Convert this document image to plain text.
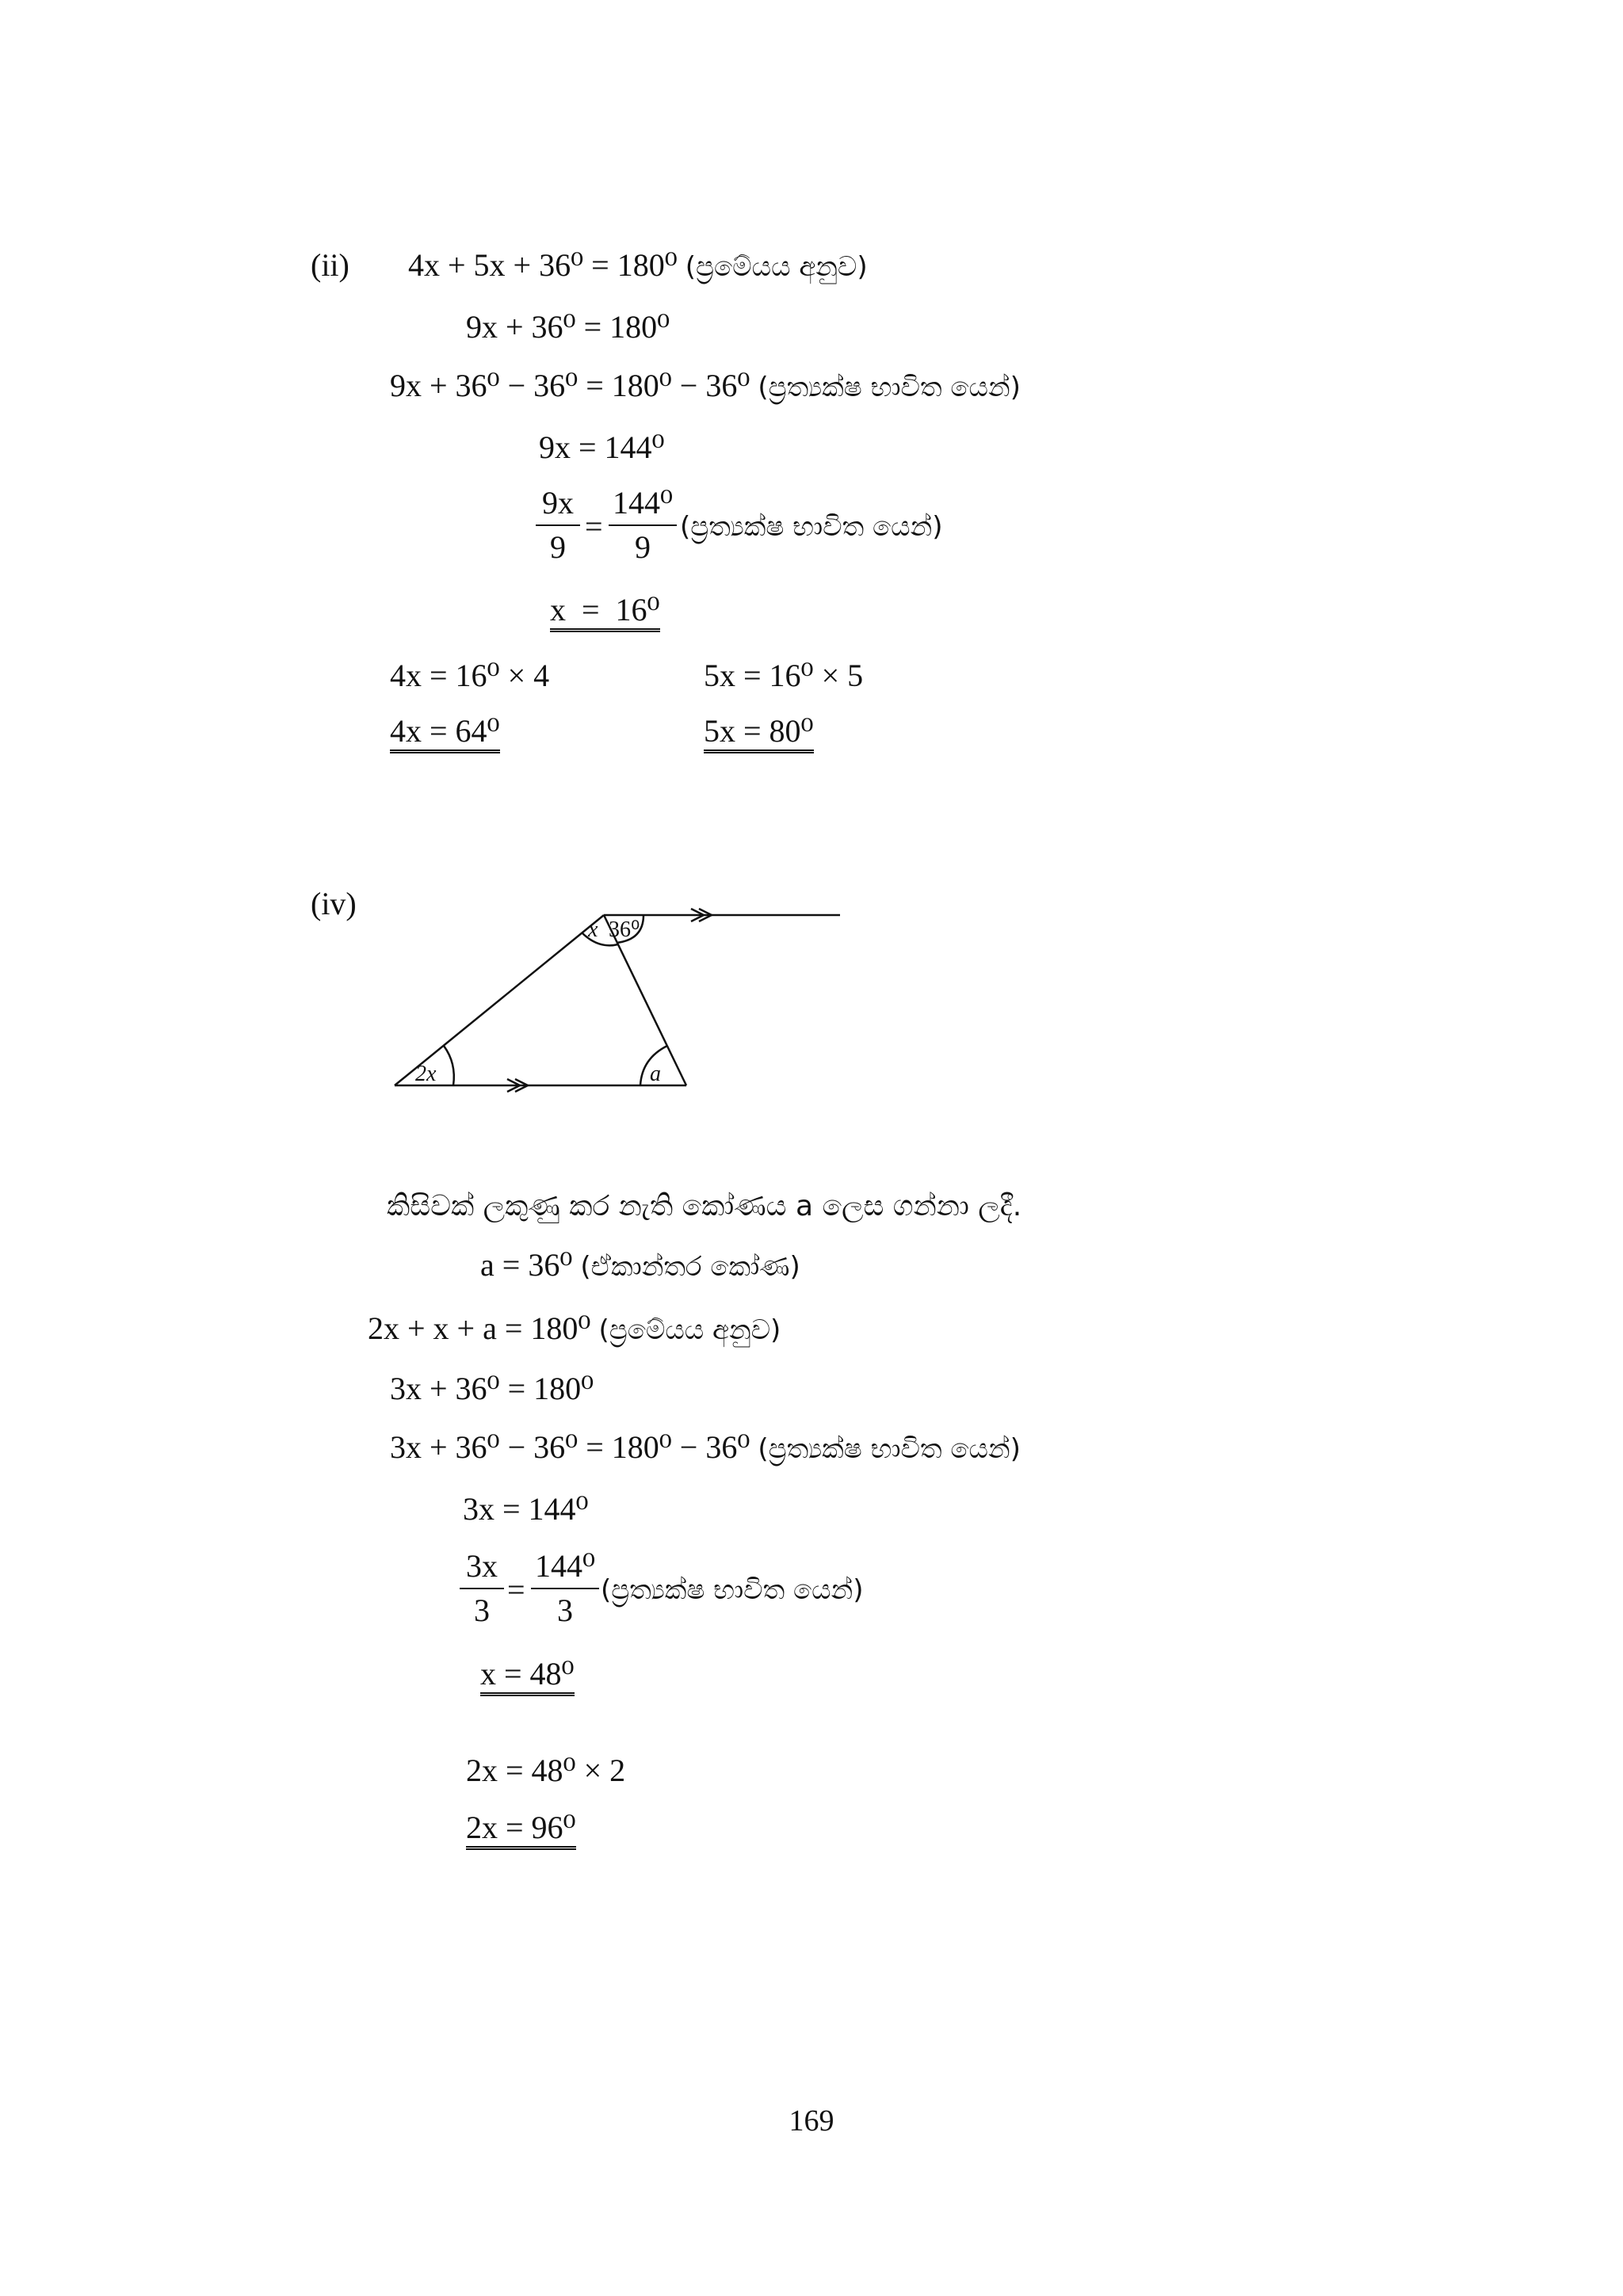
(ii) 4x + 5x + 36⁰ = 180⁰ (ප්‍රමේයය අනුව)
9x + 36⁰ = 180⁰
9x + 36⁰ − 36⁰ = 180⁰ − 36⁰ (ප්‍රත්‍යක්ෂ භාවිත යෙන්)
9x = 144⁰
9x
9
=
144⁰
9
(ප්‍රත්‍යක්ෂ භාවිත යෙන්)
x  =  16⁰
4x = 16⁰ × 4	5x = 16⁰ × 5
4x = 64⁰	5x = 80⁰
(iv)
x 36⁰
2x	a
කිසිවක් ලකුණු කර නැති කෝණය a ලෙස ගන්නා ලදී.
a = 36⁰ (ඒකාන්තර කෝණ)
2x + x + a = 180⁰ (ප්‍රමේයය අනුව)
3x + 36⁰ = 180⁰
3x + 36⁰ − 36⁰ = 180⁰ − 36⁰ (ප්‍රත්‍යක්ෂ භාවිත යෙන්)
3x = 144⁰
3x
3
=
144⁰
3
(ප්‍රත්‍යක්ෂ භාවිත යෙන්)
x = 48⁰
2x = 48⁰ × 2
2x = 96⁰
169
